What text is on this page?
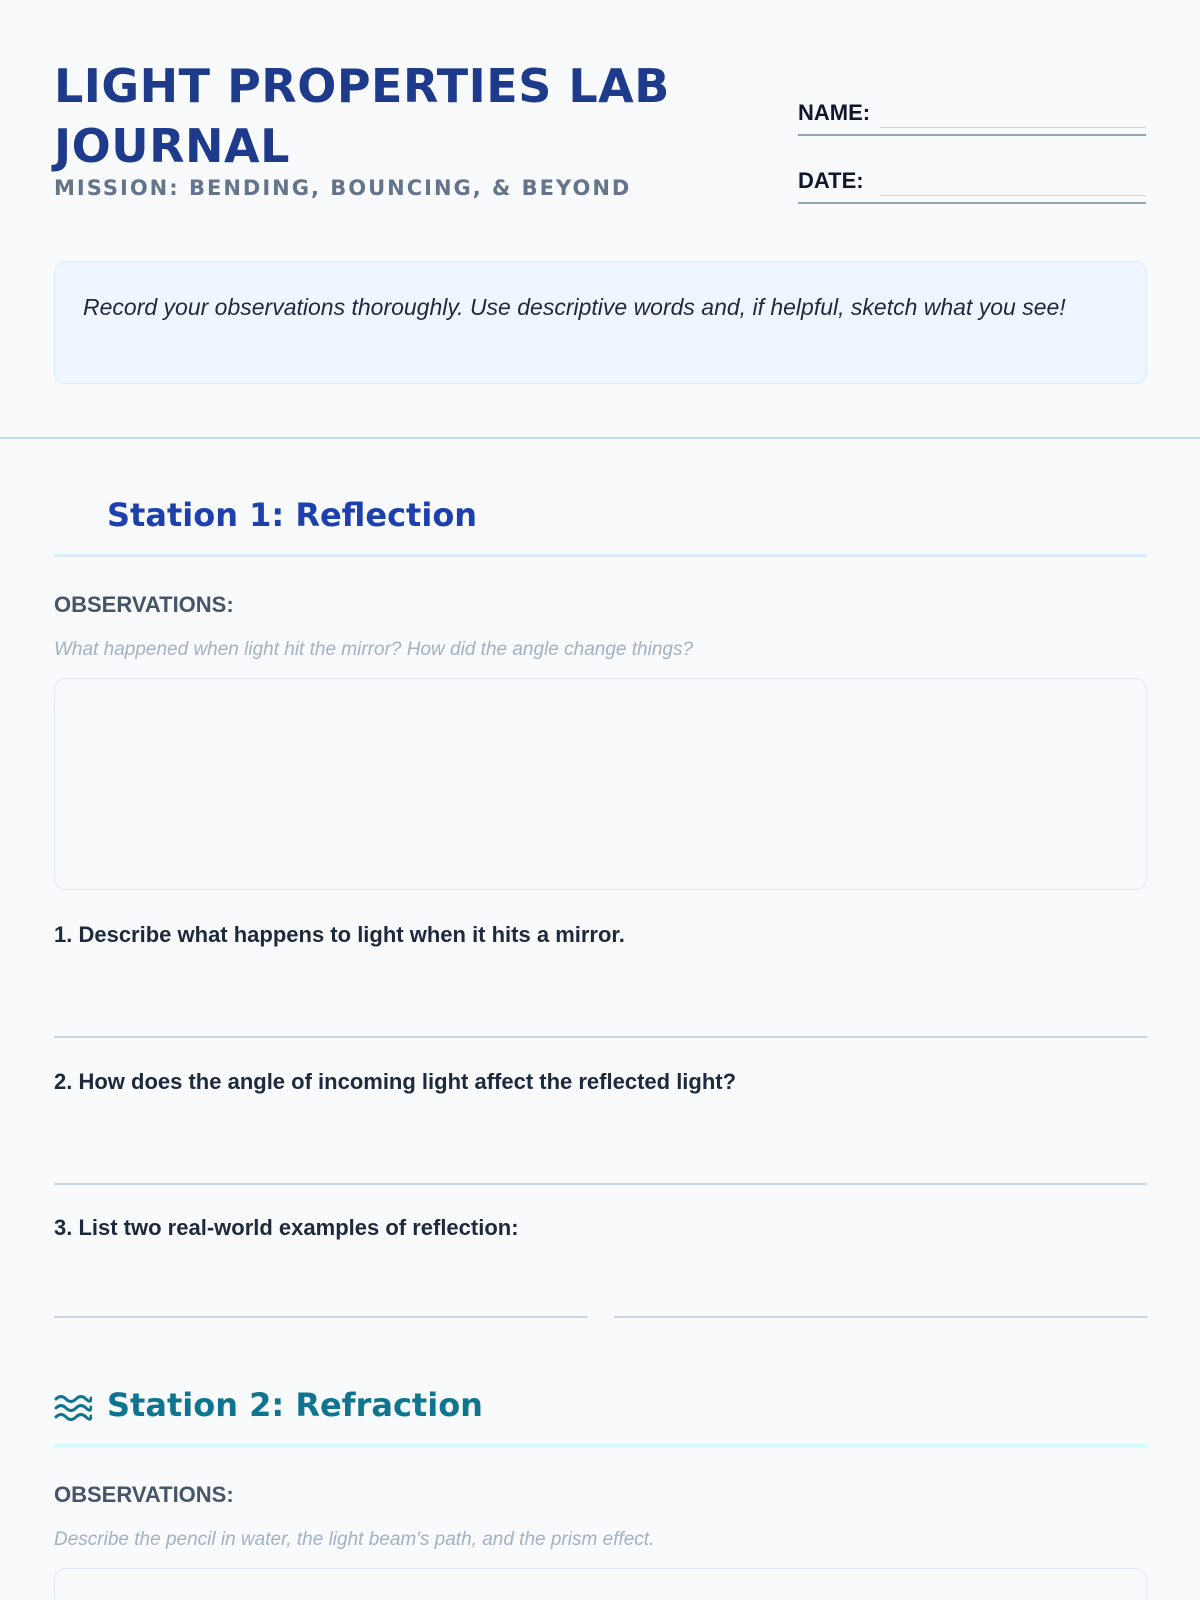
LIGHT PROPERTIES LAB JOURNAL
MISSION: BENDING, BOUNCING, & BEYOND
NAME:
DATE:
Record your observations thoroughly. Use descriptive words and, if helpful, sketch what you see!
Station 1: Reflection
OBSERVATIONS:
What happened when light hit the mirror? How did the angle change things?
1. Describe what happens to light when it hits a mirror.
2. How does the angle of incoming light affect the reflected light?
3. List two real-world examples of reflection:
Station 2: Refraction
OBSERVATIONS:
Describe the pencil in water, the light beam's path, and the prism effect.
